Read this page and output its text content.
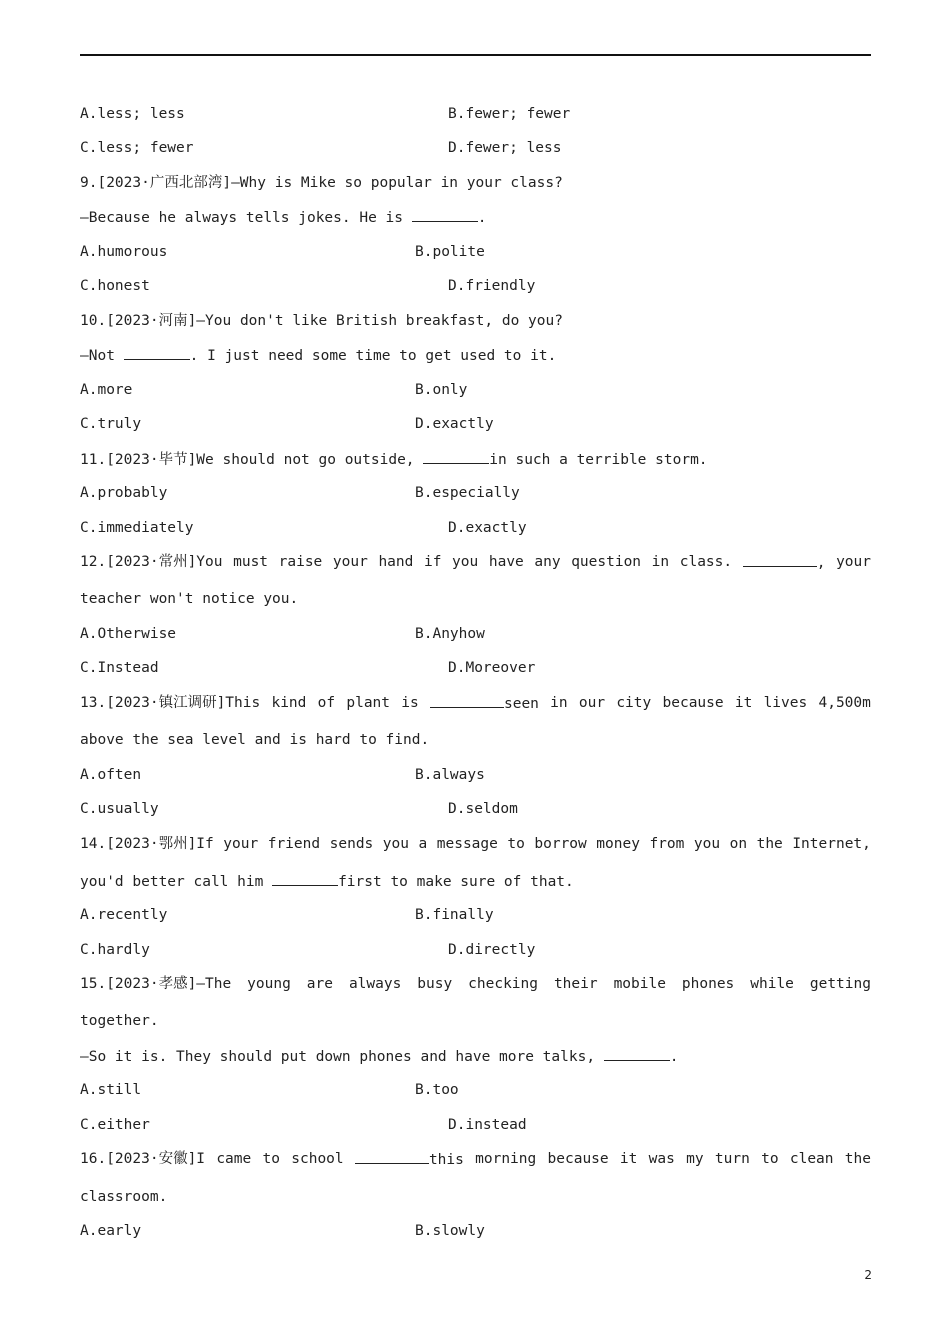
A.less; less	B.fewer; fewer
C.less; fewer	D.fewer; less
9.[2023·广西北部湾]—Why is Mike so popular in your class?
—Because he always tells jokes. He is	.
A.humorous	B.polite
C.honest	D.friendly
10.[2023·河南]—You don't like British breakfast, do you?
—Not	. I just need some time to get used to it.
A.more	B.only
C.truly	D.exactly
11.[2023·毕节]We should not go outside,	in such a terrible storm.
A.probably	B.especially
C.immediately	D.exactly
12.[2023·常州]You must raise your hand if you have any question in class.	, your
teacher won't notice you.
A.Otherwise	B.Anyhow
C.Instead	D.Moreover
13.[2023·镇江调研]This kind of plant is	seen in our city because it lives 4,500m
above the sea level and is hard to find.
A.often	B.always
C.usually	D.seldom
14.[2023·鄂州]If your friend sends you a message to borrow money from you on the Internet,
you'd better call him	first to make sure of that.
A.recently	B.finally
C.hardly	D.directly
15.[2023·孝感]—The young are always busy checking their mobile phones while getting
together.
—So it is. They should put down phones and have more talks,	.
A.still	B.too
C.either	D.instead
16.[2023·安徽]I came to school	this morning because it was my turn to clean the
classroom.
A.early	B.slowly
2
